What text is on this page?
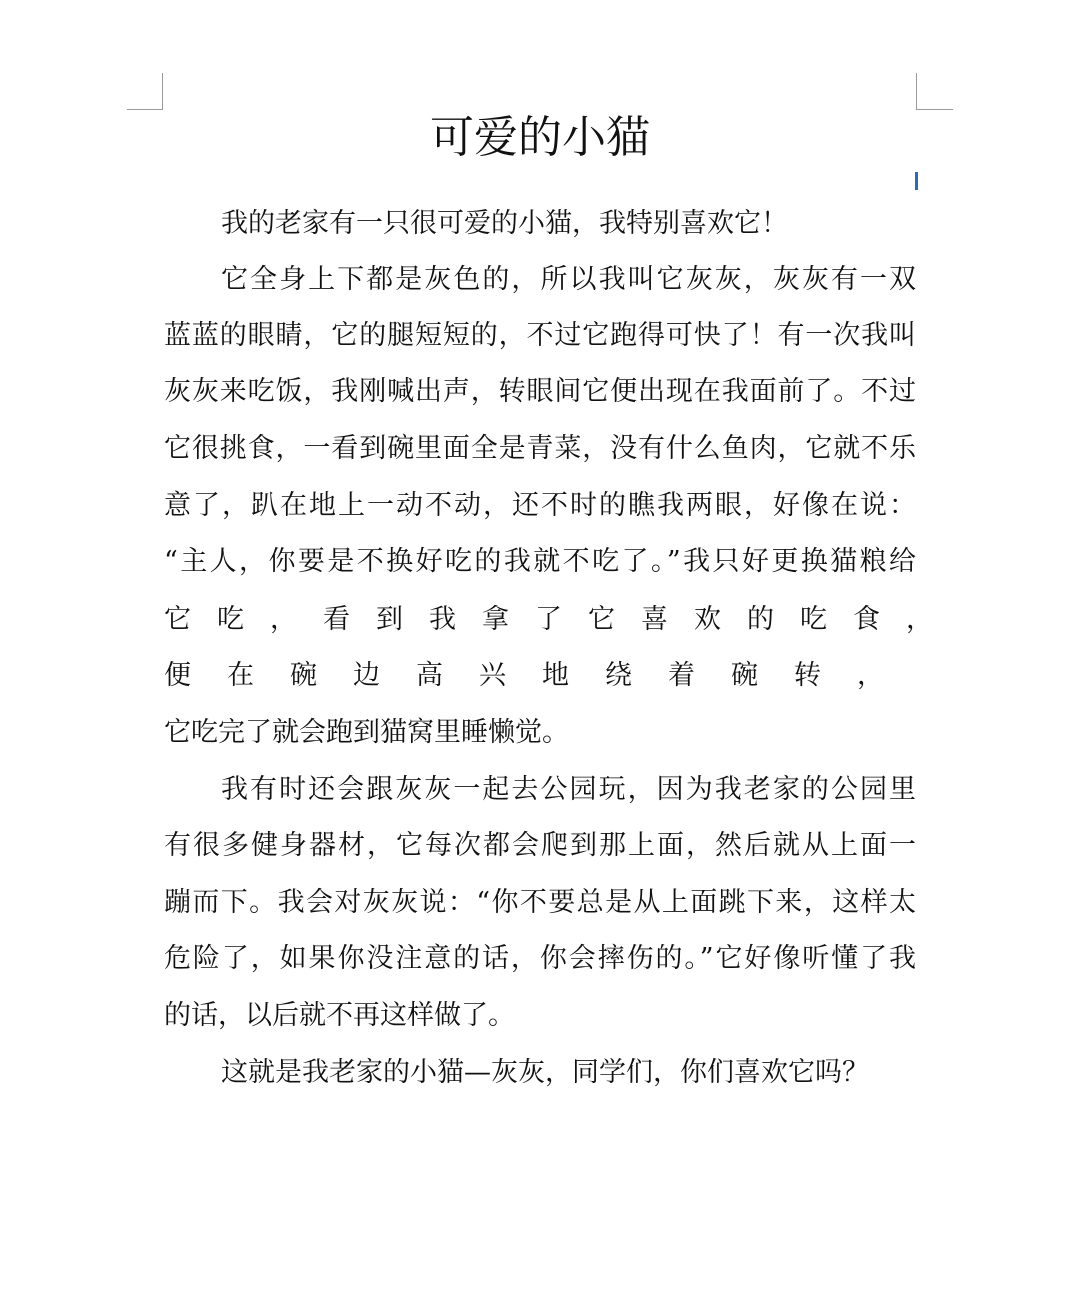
可爱的小猫
我的老家有一只很可爱的小猫，我特别喜欢它！
它全身上下都是灰色的，所以我叫它灰灰，灰灰有一双
蓝蓝的眼睛，它的腿短短的，不过它跑得可快了！有一次我叫
灰灰来吃饭，我刚喊出声，转眼间它便出现在我面前了。不过
它很挑食，一看到碗里面全是青菜，没有什么鱼肉，它就不乐
意了，趴在地上一动不动，还不时的瞧我两眼，好像在说：
“主人，你要是不换好吃的我就不吃了。”我只好更换猫粮给
它吃，看到我拿了它喜欢的吃食，
便在碗边高兴地绕着碗转，
它吃完了就会跑到猫窝里睡懒觉。
我有时还会跟灰灰一起去公园玩，因为我老家的公园里
有很多健身器材，它每次都会爬到那上面，然后就从上面一
蹦而下。我会对灰灰说：“你不要总是从上面跳下来，这样太
危险了，如果你没注意的话，你会摔伤的。”它好像听懂了我
的话，以后就不再这样做了。
这就是我老家的小猫—灰灰，同学们，你们喜欢它吗？
